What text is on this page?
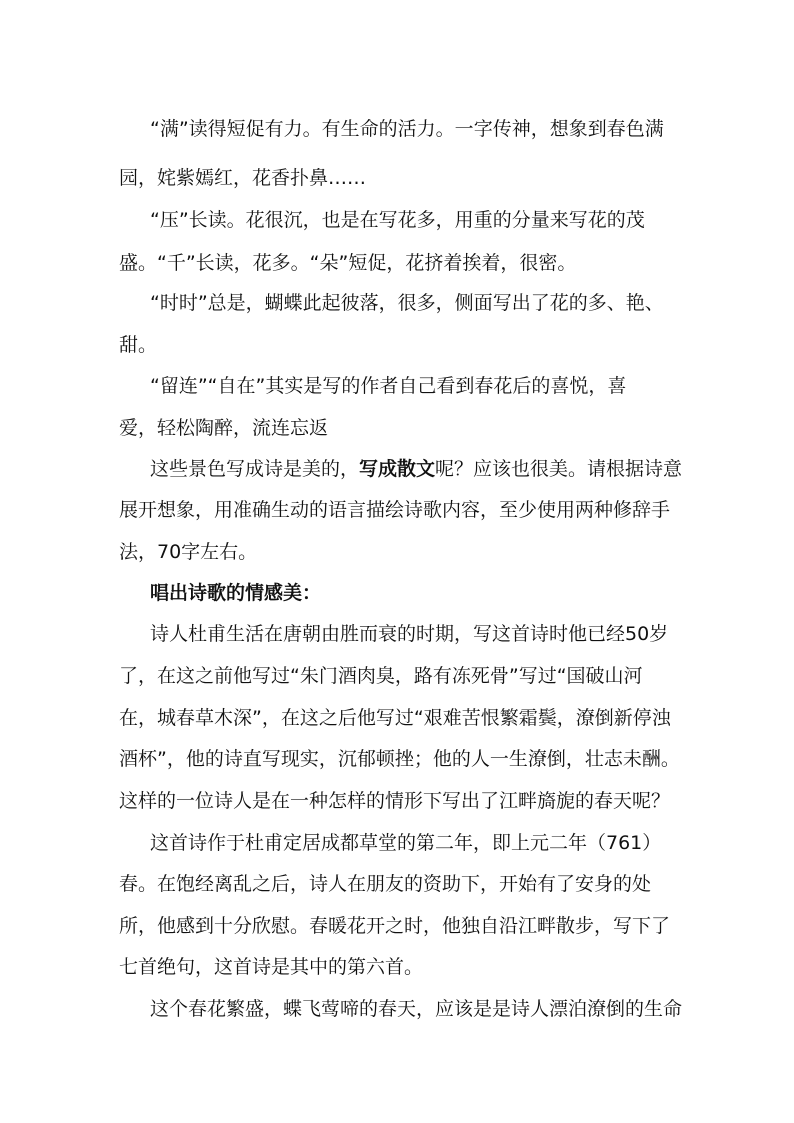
“满”读得短促有力。有生命的活力。一字传神，想象到春色满

园，姹紫嫣红，花香扑鼻……

“压”长读。花很沉，也是在写花多，用重的分量来写花的茂

盛。“千”长读，花多。“朵”短促，花挤着挨着，很密。

“时时”总是，蝴蝶此起彼落，很多，侧面写出了花的多、艳、

甜。

“留连”“自在”其实是写的作者自己看到春花后的喜悦，喜

爱，轻松陶醉，流连忘返

这些景色写成诗是美的，写成散文呢？应该也很美。请根据诗意

展开想象，用准确生动的语言描绘诗歌内容，至少使用两种修辞手

法，70字左右。

唱出诗歌的情感美：

诗人杜甫生活在唐朝由胜而衰的时期，写这首诗时他已经50岁

了，在这之前他写过“朱门酒肉臭，路有冻死骨”写过“国破山河

在，城春草木深”，在这之后他写过“艰难苦恨繁霜鬓，潦倒新停浊

酒杯”，他的诗直写现实，沉郁顿挫；他的人一生潦倒，壮志未酬。

这样的一位诗人是在一种怎样的情形下写出了江畔旖旎的春天呢？

这首诗作于杜甫定居成都草堂的第二年，即上元二年（761）

春。在饱经离乱之后，诗人在朋友的资助下，开始有了安身的处

所，他感到十分欣慰。春暖花开之时，他独自沿江畔散步，写下了

七首绝句，这首诗是其中的第六首。

这个春花繁盛，蝶飞莺啼的春天，应该是是诗人漂泊潦倒的生命
